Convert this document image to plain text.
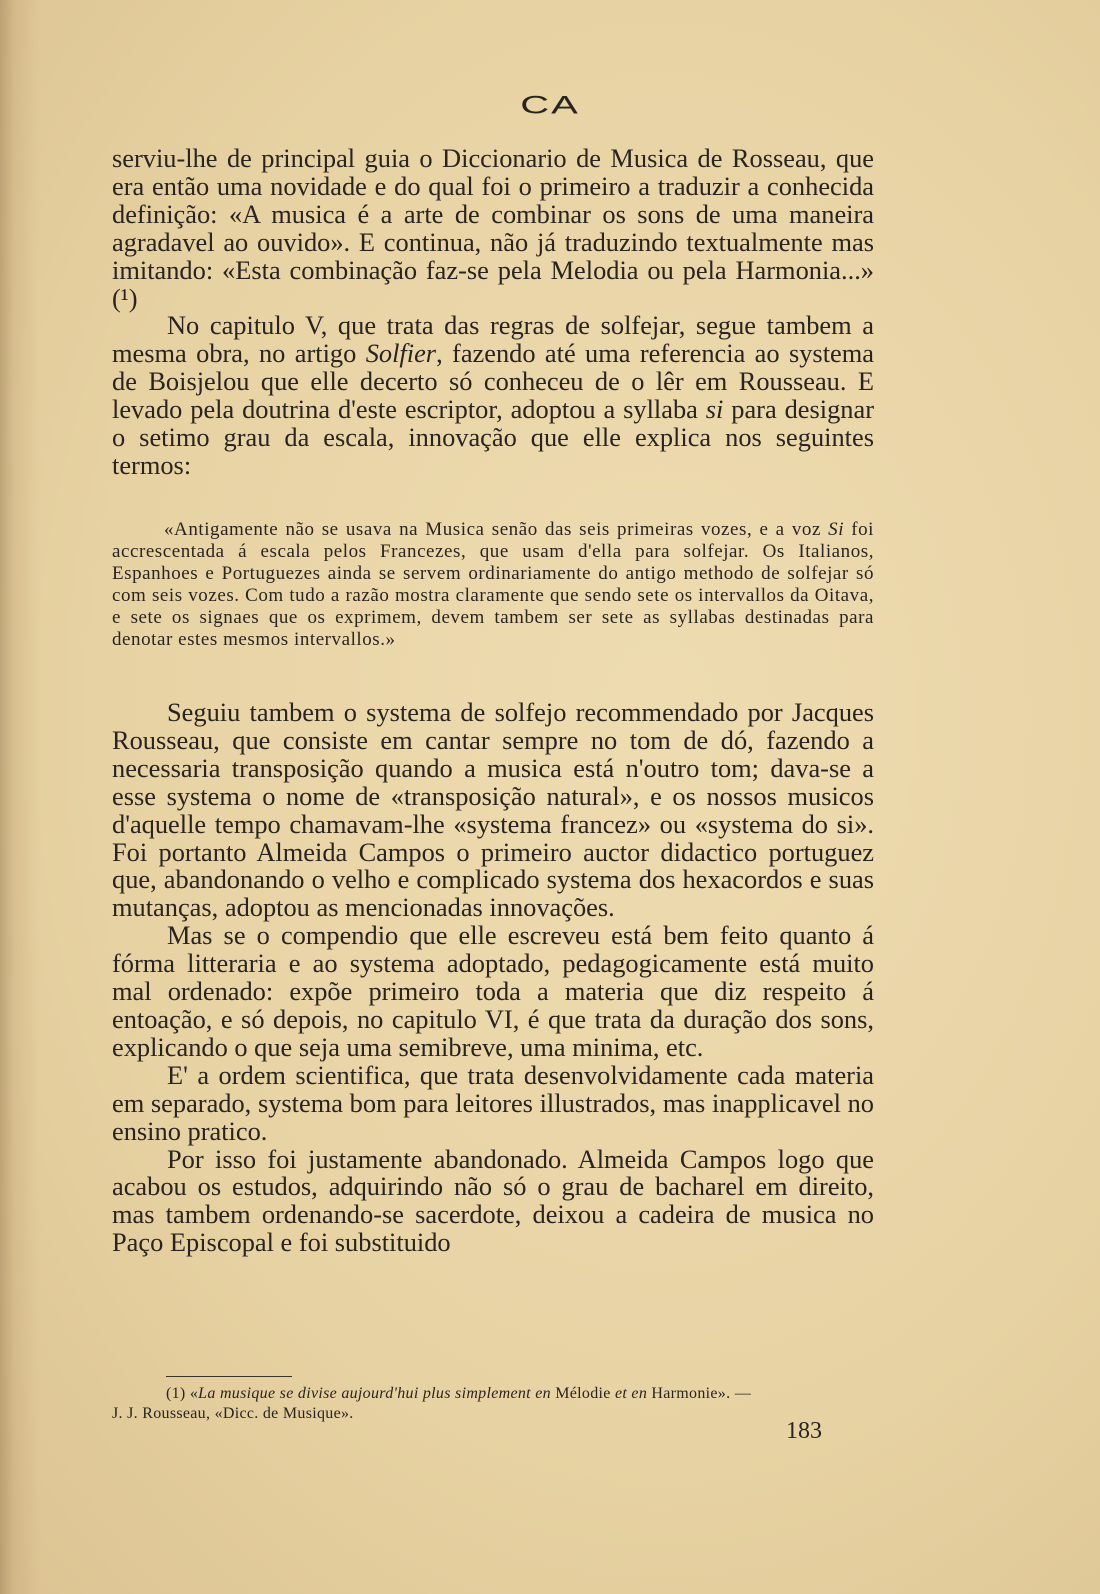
CA

serviu-lhe de principal guia o Diccionario de Musica de Rosseau, que era então uma novidade e do qual foi o primeiro a traduzir a conhecida definição: «A musica é a arte de combinar os sons de uma maneira agradavel ao ouvido». E continua, não já traduzindo textualmente mas imitando: «Esta combinação faz-se pela Melodia ou pela Harmonia...» (¹)

No capitulo V, que trata das regras de solfejar, segue tambem a mesma obra, no artigo Solfier, fazendo até uma referencia ao systema de Boisjelou que elle decerto só conheceu de o lêr em Rousseau. E levado pela doutrina d'este escriptor, adoptou a syllaba si para designar o setimo grau da escala, innovação que elle explica nos seguintes termos:

«Antigamente não se usava na Musica senão das seis primeiras vozes, e a voz Si foi accrescentada á escala pelos Francezes, que usam d'ella para solfejar. Os Italianos, Espanhoes e Portuguezes ainda se servem ordinariamente do antigo methodo de solfejar só com seis vozes. Com tudo a razão mostra claramente que sendo sete os intervallos da Oitava, e sete os signaes que os exprimem, devem tambem ser sete as syllabas destinadas para denotar estes mesmos intervallos.»

Seguiu tambem o systema de solfejo recommendado por Jacques Rousseau, que consiste em cantar sempre no tom de dó, fazendo a necessaria transposição quando a musica está n'outro tom; dava-se a esse systema o nome de «transposição natural», e os nossos musicos d'aquelle tempo chamavam-lhe «systema francez» ou «systema do si». Foi portanto Almeida Campos o primeiro auctor didactico portuguez que, abandonando o velho e complicado systema dos hexacordos e suas mutanças, adoptou as mencionadas innovações.

Mas se o compendio que elle escreveu está bem feito quanto á fórma litteraria e ao systema adoptado, pedagogicamente está muito mal ordenado: expõe primeiro toda a materia que diz respeito á entoação, e só depois, no capitulo VI, é que trata da duração dos sons, explicando o que seja uma semibreve, uma minima, etc.

E' a ordem scientifica, que trata desenvolvidamente cada materia em separado, systema bom para leitores illustrados, mas inapplicavel no ensino pratico.

Por isso foi justamente abandonado. Almeida Campos logo que acabou os estudos, adquirindo não só o grau de bacharel em direito, mas tambem ordenando-se sacerdote, deixou a cadeira de musica no Paço Episcopal e foi substituido

(1) «La musique se divise aujourd'hui plus simplement en Mélodie et en Harmonie». —
J. J. Rousseau, «Dicc. de Musique».
183
